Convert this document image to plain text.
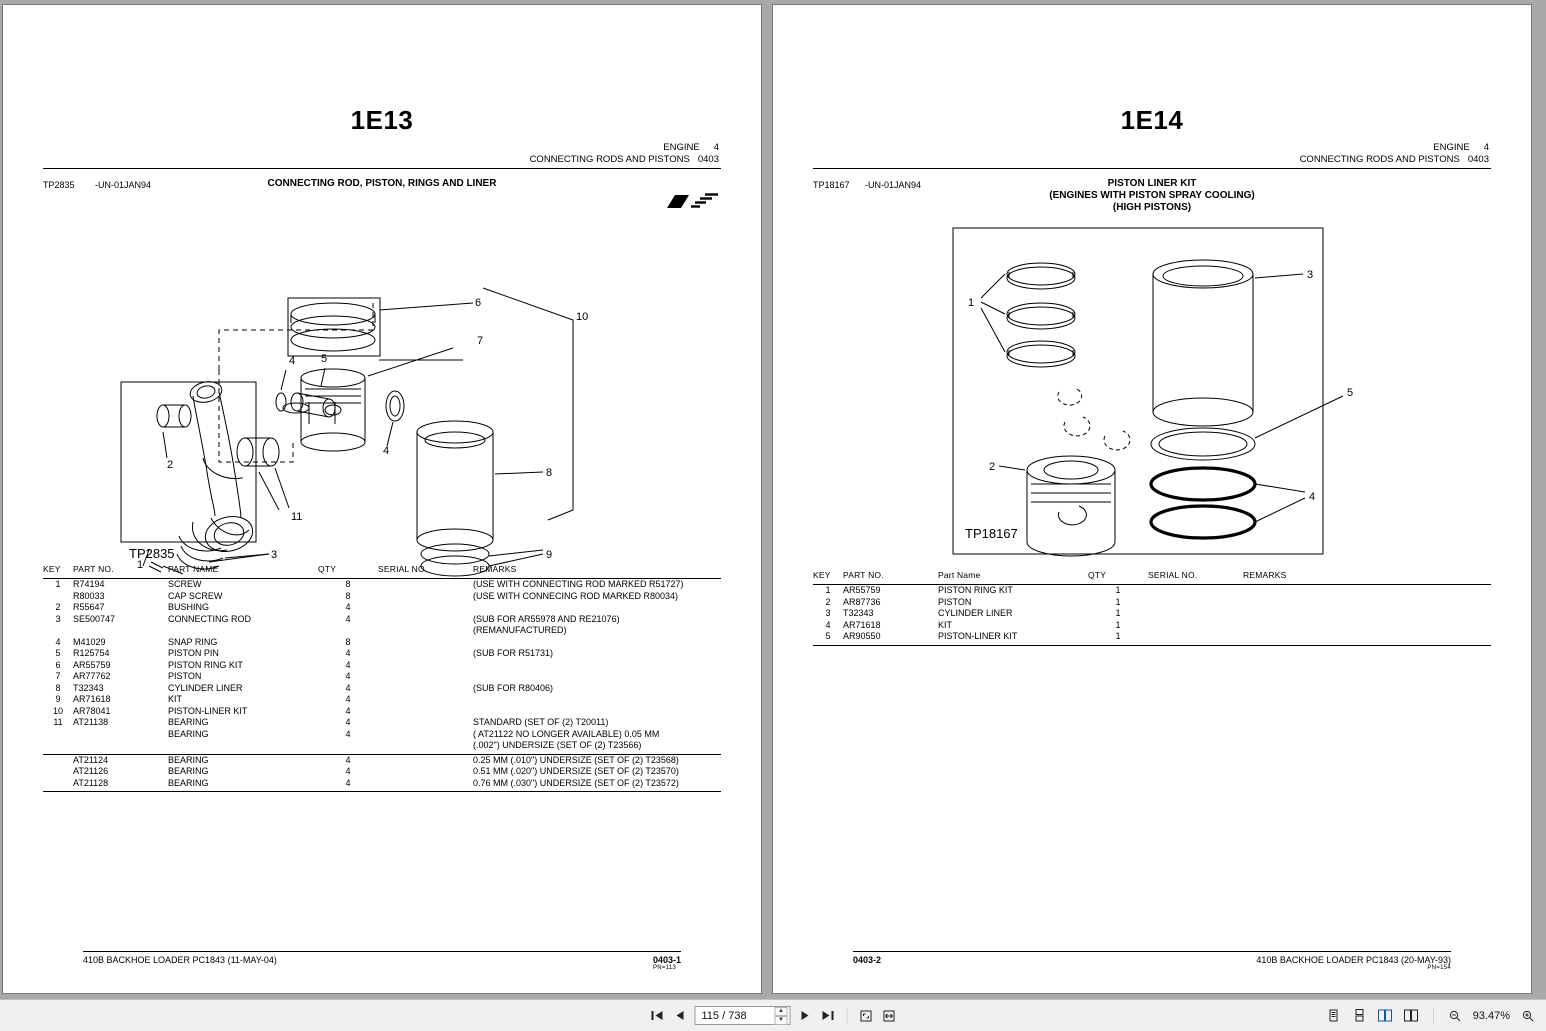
1E13
ENGINE 4
CONNECTING RODS AND PISTONS 0403
TP2835 -UN-01JAN94	CONNECTING ROD, PISTON, RINGS AND LINER
6
7
5
4
4
8
9
10
11
3
1
2
TP2835
KEY	PART NO.	PART NAME	QTY	SERIAL NO.	REMARKS

1	R74194	SCREW	8		(USE WITH CONNECTING ROD MARKED R51727)
	R80033	CAP SCREW	8		(USE WITH CONNECING ROD MARKED R80034)
2	R55647	BUSHING	4		
3	SE500747	CONNECTING ROD	4		(SUB FOR AR55978 AND RE21076)
					(REMANUFACTURED)
4	M41029	SNAP RING	8		
5	R125754	PISTON PIN	4		(SUB FOR R51731)
6	AR55759	PISTON RING KIT	4		
7	AR77762	PISTON	4		
8	T32343	CYLINDER LINER	4		(SUB FOR R80406)
9	AR71618	KIT	4		
10	AR78041	PISTON-LINER KIT	4		
11	AT21138	BEARING	4		STANDARD (SET OF (2) T20011)
		BEARING	4		( AT21122 NO LONGER AVAILABLE) 0.05 MM
					(.002") UNDERSIZE (SET OF (2) T23566)

	AT21124	BEARING	4		0.25 MM (.010") UNDERSIZE (SET OF (2) T23568)
	AT21126	BEARING	4		0.51 MM (.020") UNDERSIZE (SET OF (2) T23570)
	AT21128	BEARING	4		0.76 MM (.030") UNDERSIZE (SET OF (2) T23572)

410B BACKHOE LOADER PC1843 (11-MAY-04)	0403-1
PN=113
1E14
ENGINE 4
CONNECTING RODS AND PISTONS 0403
TP18167 -UN-01JAN94	PISTON LINER KIT
(ENGINES WITH PISTON SPRAY COOLING)
(HIGH PISTONS)
1
2
3
4
5
TP18167
KEY	PART NO.	Part Name	QTY	SERIAL NO.	REMARKS

1	AR55759	PISTON RING KIT	1		
2	AR87736	PISTON	1		
3	T32343	CYLINDER LINER	1		
4	AR71618	KIT	1		
5	AR90550	PISTON-LINER KIT	1		

0403-2	410B BACKHOE LOADER PC1843 (20-MAY-93)
PN=154
115 / 738	▲
▼	93.47%
